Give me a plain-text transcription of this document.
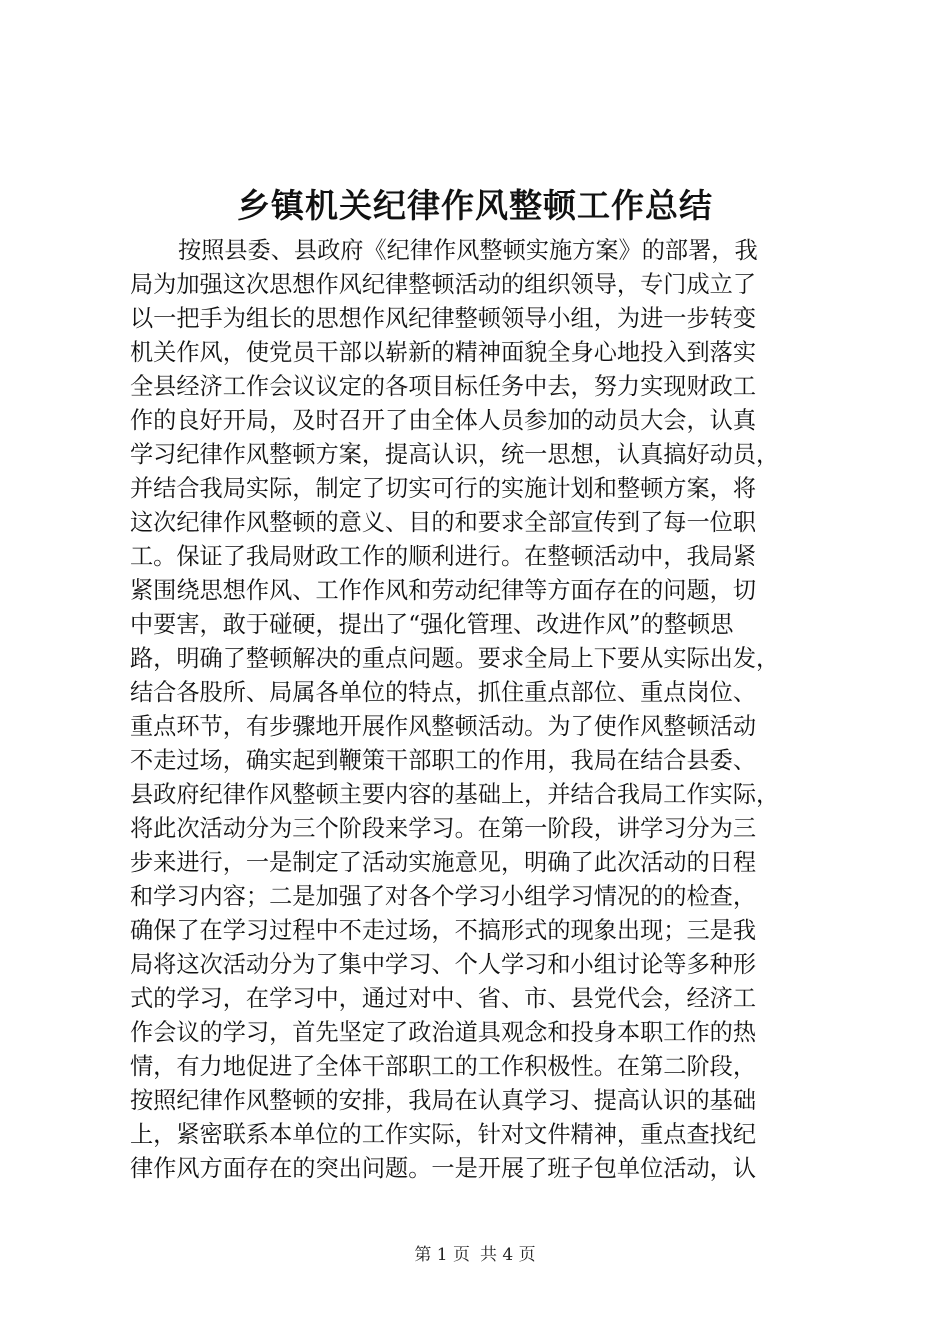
乡镇机关纪律作风整顿工作总结
按照县委、县政府《纪律作风整顿实施方案》的部署，我
局为加强这次思想作风纪律整顿活动的组织领导，专门成立了
以一把手为组长的思想作风纪律整顿领导小组，为进一步转变
机关作风，使党员干部以崭新的精神面貌全身心地投入到落实
全县经济工作会议议定的各项目标任务中去，努力实现财政工
作的良好开局，及时召开了由全体人员参加的动员大会，认真
学习纪律作风整顿方案，提高认识，统一思想，认真搞好动员，
并结合我局实际，制定了切实可行的实施计划和整顿方案，将
这次纪律作风整顿的意义、目的和要求全部宣传到了每一位职
工。保证了我局财政工作的顺利进行。在整顿活动中，我局紧
紧围绕思想作风、工作作风和劳动纪律等方面存在的问题，切
中要害，敢于碰硬，提出了“强化管理、改进作风”的整顿思
路，明确了整顿解决的重点问题。要求全局上下要从实际出发，
结合各股所、局属各单位的特点，抓住重点部位、重点岗位、
重点环节，有步骤地开展作风整顿活动。为了使作风整顿活动
不走过场，确实起到鞭策干部职工的作用，我局在结合县委、
县政府纪律作风整顿主要内容的基础上，并结合我局工作实际，
将此次活动分为三个阶段来学习。在第一阶段，讲学习分为三
步来进行，一是制定了活动实施意见，明确了此次活动的日程
和学习内容；二是加强了对各个学习小组学习情况的的检查，
确保了在学习过程中不走过场，不搞形式的现象出现；三是我
局将这次活动分为了集中学习、个人学习和小组讨论等多种形
式的学习，在学习中，通过对中、省、市、县党代会，经济工
作会议的学习，首先坚定了政治道具观念和投身本职工作的热
情，有力地促进了全体干部职工的工作积极性。在第二阶段，
按照纪律作风整顿的安排，我局在认真学习、提高认识的基础
上，紧密联系本单位的工作实际，针对文件精神，重点查找纪
律作风方面存在的突出问题。一是开展了班子包单位活动，认
第 1 页 共 4 页
